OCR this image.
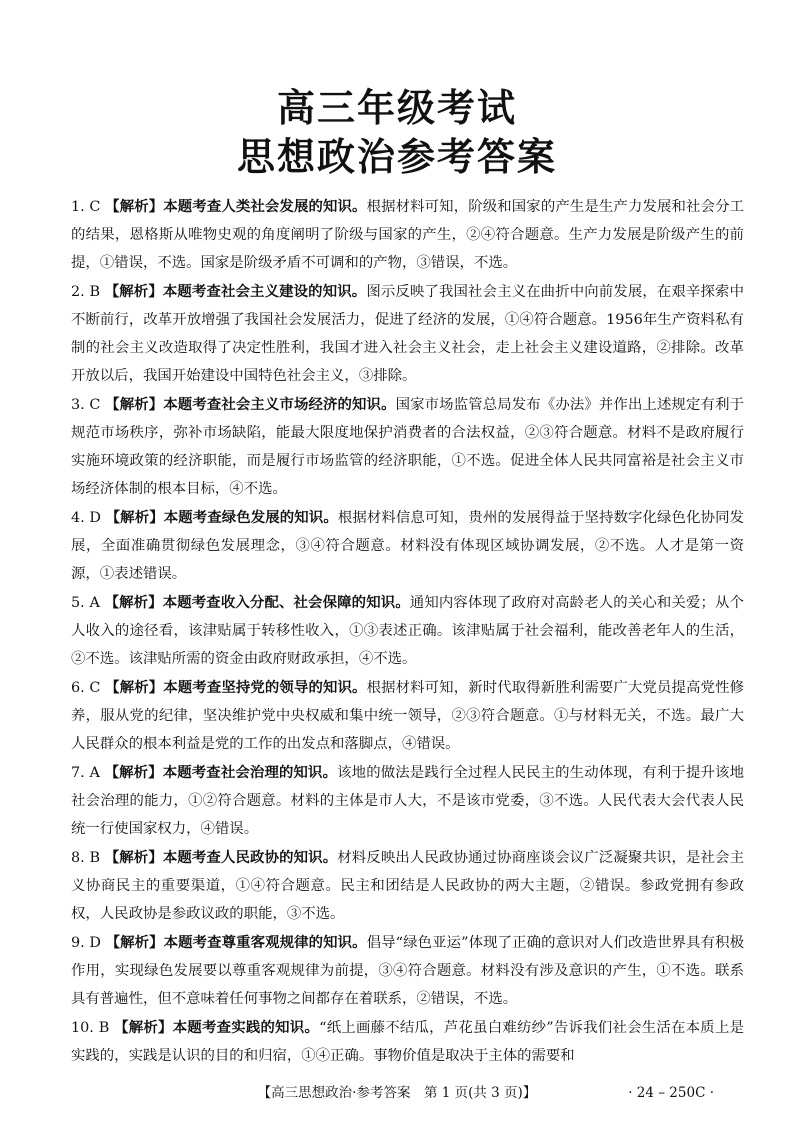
高三年级考试
思想政治参考答案
1. C 【解析】本题考查人类社会发展的知识。根据材料可知，阶级和国家的产生是生产力发展和社会分工的结果，恩格斯从唯物史观的角度阐明了阶级与国家的产生，②④符合题意。生产力发展是阶级产生的前提，①错误，不选。国家是阶级矛盾不可调和的产物，③错误，不选。
2. B 【解析】本题考查社会主义建设的知识。图示反映了我国社会主义在曲折中向前发展，在艰辛探索中不断前行，改革开放增强了我国社会发展活力，促进了经济的发展，①④符合题意。1956年生产资料私有制的社会主义改造取得了决定性胜利，我国才进入社会主义社会，走上社会主义建设道路，②排除。改革开放以后，我国开始建设中国特色社会主义，③排除。
3. C 【解析】本题考查社会主义市场经济的知识。国家市场监管总局发布《办法》并作出上述规定有利于规范市场秩序，弥补市场缺陷，能最大限度地保护消费者的合法权益，②③符合题意。材料不是政府履行实施环境政策的经济职能，而是履行市场监管的经济职能，①不选。促进全体人民共同富裕是社会主义市场经济体制的根本目标，④不选。
4. D 【解析】本题考查绿色发展的知识。根据材料信息可知，贵州的发展得益于坚持数字化绿色化协同发展，全面准确贯彻绿色发展理念，③④符合题意。材料没有体现区域协调发展，②不选。人才是第一资源，①表述错误。
5. A 【解析】本题考查收入分配、社会保障的知识。通知内容体现了政府对高龄老人的关心和关爱；从个人收入的途径看，该津贴属于转移性收入，①③表述正确。该津贴属于社会福利，能改善老年人的生活，②不选。该津贴所需的资金由政府财政承担，④不选。
6. C 【解析】本题考查坚持党的领导的知识。根据材料可知，新时代取得新胜利需要广大党员提高党性修养，服从党的纪律，坚决维护党中央权威和集中统一领导，②③符合题意。①与材料无关，不选。最广大人民群众的根本利益是党的工作的出发点和落脚点，④错误。
7. A 【解析】本题考查社会治理的知识。该地的做法是践行全过程人民民主的生动体现，有利于提升该地社会治理的能力，①②符合题意。材料的主体是市人大，不是该市党委，③不选。人民代表大会代表人民统一行使国家权力，④错误。
8. B 【解析】本题考查人民政协的知识。材料反映出人民政协通过协商座谈会议广泛凝聚共识，是社会主义协商民主的重要渠道，①④符合题意。民主和团结是人民政协的两大主题，②错误。参政党拥有参政权，人民政协是参政议政的职能，③不选。
9. D 【解析】本题考查尊重客观规律的知识。倡导“绿色亚运”体现了正确的意识对人们改造世界具有积极作用，实现绿色发展要以尊重客观规律为前提，③④符合题意。材料没有涉及意识的产生，①不选。联系具有普遍性，但不意味着任何事物之间都存在着联系，②错误，不选。
10. B 【解析】本题考查实践的知识。“纸上画藤不结瓜，芦花虽白难纺纱”告诉我们社会生活在本质上是实践的，实践是认识的目的和归宿，①④正确。事物价值是取决于主体的需要和
【高三思想政治·参考答案　第 1 页(共 3 页)】	· 24 – 250C ·
